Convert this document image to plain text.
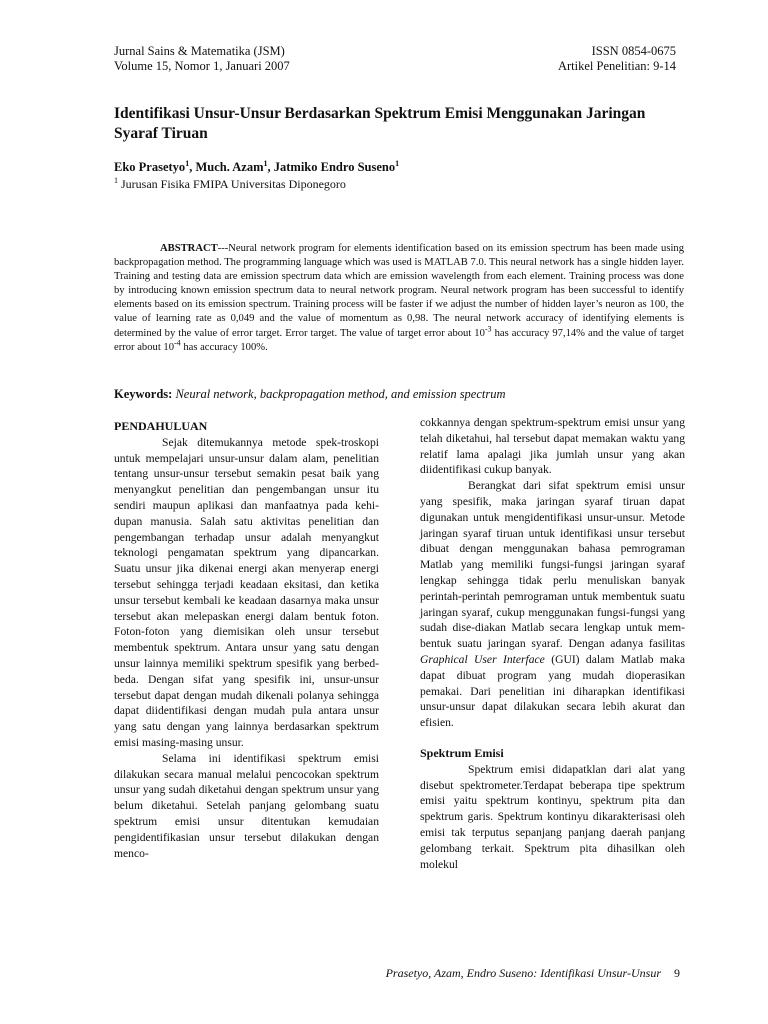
Jurnal Sains & Matematika (JSM)
Volume 15, Nomor 1, Januari 2007
ISSN 0854-0675
Artikel Penelitian: 9-14
Identifikasi Unsur-Unsur Berdasarkan Spektrum Emisi Menggunakan Jaringan Syaraf Tiruan
Eko Prasetyo$^1$, Much. Azam$^1$, Jatmiko Endro Suseno$^1$
$^1$ Jurusan Fisika FMIPA Universitas Diponegoro
ABSTRACT---Neural network program for elements identification based on its emission spectrum has been made using backpropagation method. The programming language which was used is MATLAB 7.0. This neural network has a single hidden layer. Training and testing data are emission spectrum data which are emission wavelength from each element. Training process was done by introducing known emission spectrum data to neural network program. Neural network program has been successful to identify elements based on its emission spectrum. Training process will be faster if we adjust the number of hidden layer’s neuron as 100, the value of learning rate as 0,049 and the value of momentum as 0,98. The neural network accuracy of identifying elements is determined by the value of error target. Error target. The value of target error about $10^{-3}$ has accuracy 97,14% and the value of target error about $10^{-4}$ has accuracy 100%.
Keywords: Neural network, backpropagation method, and emission spectrum
PENDAHULUAN

Sejak ditemukannya metode spek-troskopi untuk mempelajari unsur-unsur dalam alam, penelitian tentang unsur-unsur tersebut semakin pesat baik yang menyangkut penelitian dan pengembangan unsur itu sendiri maupun aplikasi dan manfaatnya pada kehi-dupan manusia. Salah satu aktivitas penelitian dan pengembangan terhadap unsur adalah menyangkut teknologi pengamatan spektrum yang dipancarkan. Suatu unsur jika dikenai energi akan menyerap energi tersebut sehingga terjadi keadaan eksitasi, dan ketika unsur tersebut kembali ke keadaan dasarnya maka unsur tersebut akan melepaskan energi dalam bentuk foton. Foton-foton yang diemisikan oleh unsur tersebut membentuk spektrum. Antara unsur yang satu dengan unsur lainnya memiliki spektrum spesifik yang berbed-beda. Dengan sifat yang spesifik ini, unsur-unsur tersebut dapat dengan mudah dikenali polanya sehingga dapat diidentifikasi dengan mudah pula antara unsur yang satu dengan yang lainnya berdasarkan spektrum emisi masing-masing unsur.

Selama ini identifikasi spektrum emisi dilakukan secara manual melalui pencocokan spektrum unsur yang sudah diketahui dengan spektrum unsur yang belum diketahui. Setelah panjang gelombang suatu spektrum emisi unsur ditentukan kemudaian pengidentifikasian unsur tersebut dilakukan dengan menco-

cokkannya dengan spektrum-spektrum emisi unsur yang telah diketahui, hal tersebut dapat memakan waktu yang relatif lama apalagi jika jumlah unsur yang akan diidentifikasi cukup banyak.

Berangkat dari sifat spektrum emisi unsur yang spesifik, maka jaringan syaraf tiruan dapat digunakan untuk mengidentifikasi unsur-unsur. Metode jaringan syaraf tiruan untuk identifikasi unsur tersebut dibuat dengan menggunakan bahasa pemrograman Matlab yang memiliki fungsi-fungsi jaringan syaraf lengkap sehingga tidak perlu menuliskan banyak perintah-perintah pemrograman untuk membentuk suatu jaringan syaraf, cukup menggunakan fungsi-fungsi yang sudah dise-diakan Matlab secara lengkap untuk mem-bentuk suatu jaringan syaraf. Dengan adanya fasilitas Graphical User Interface (GUI) dalam Matlab maka dapat dibuat program yang mudah dioperasikan pemakai. Dari penelitian ini diharapkan identifikasi unsur-unsur dapat dilakukan secara lebih akurat dan efisien.

Spektrum Emisi

Spektrum emisi didapatklan dari alat yang disebut spektrometer.Terdapat beberapa tipe spektrum emisi yaitu spektrum kontinyu, spektrum pita dan spektrum garis. Spektrum kontinyu dikarakterisasi oleh emisi tak terputus sepanjang panjang daerah panjang gelombang terkait. Spektrum pita dihasilkan oleh molekul

Prasetyo, Azam, Endro Suseno: Identifikasi Unsur-Unsur 9
